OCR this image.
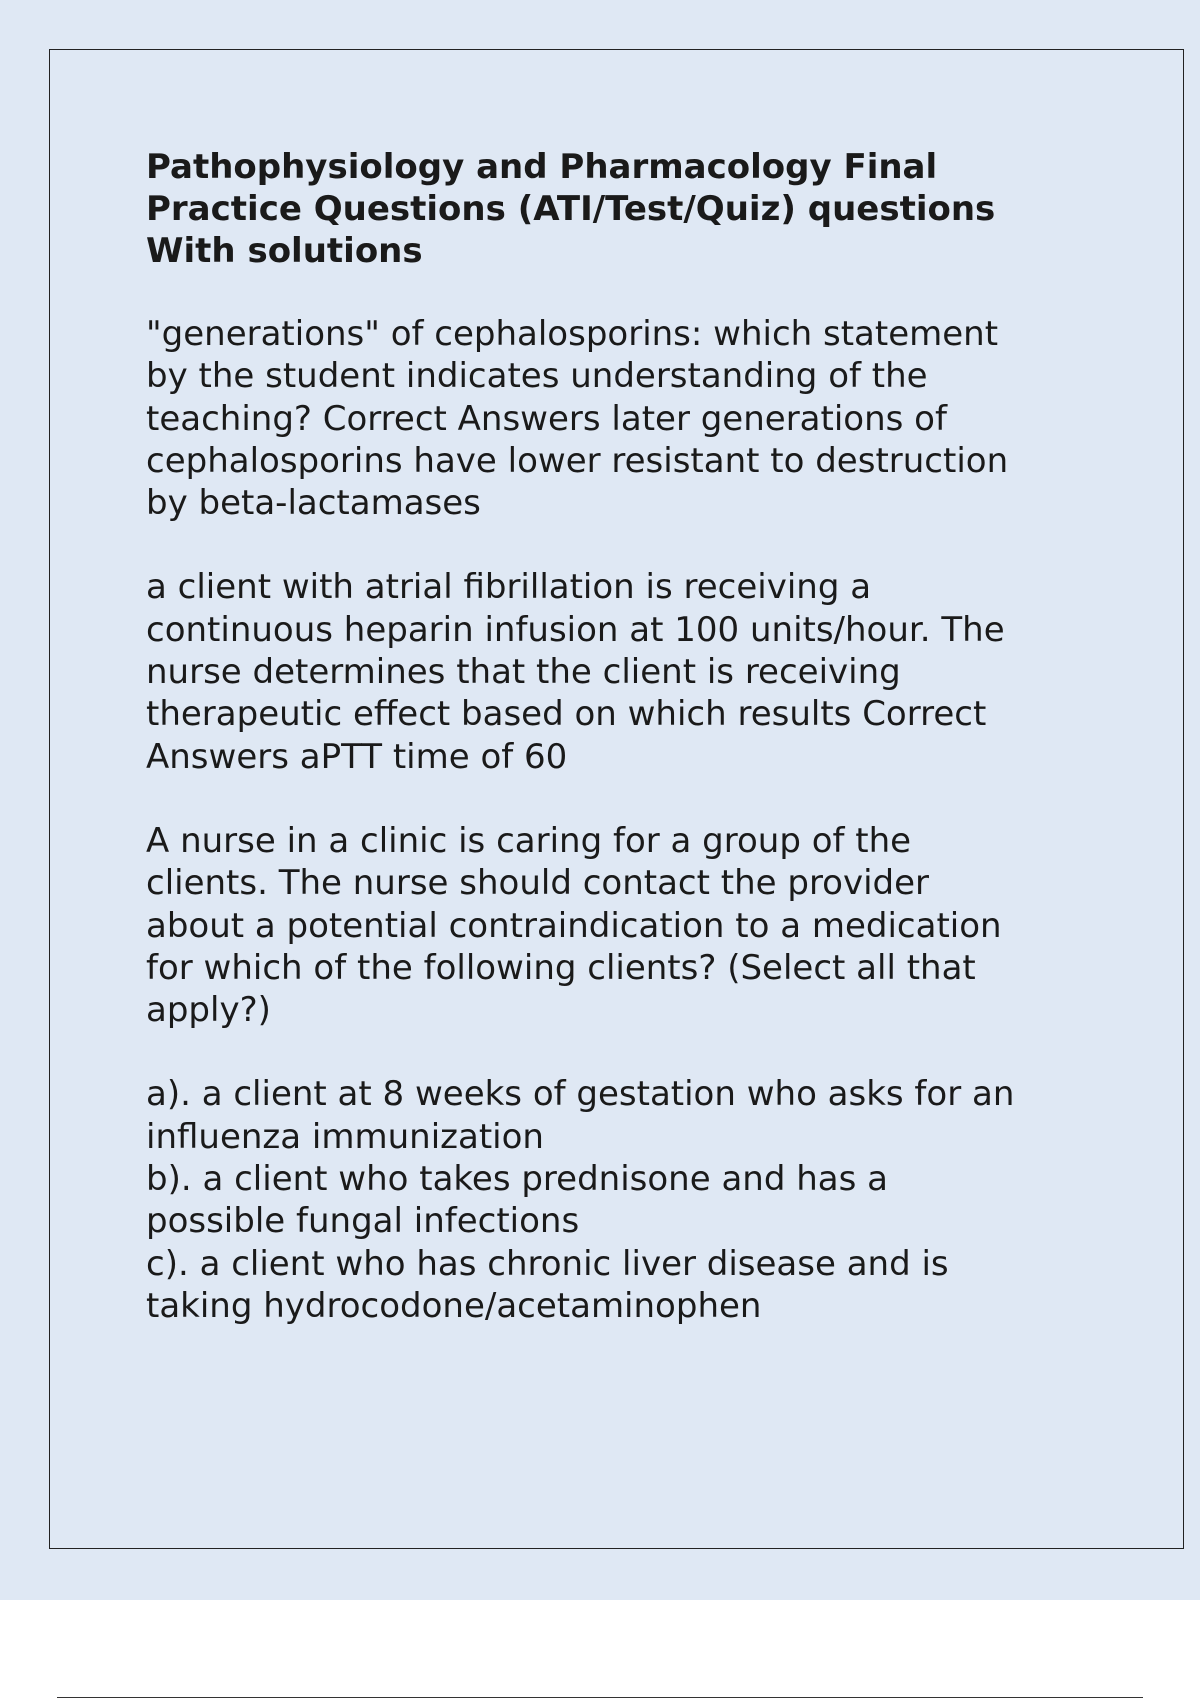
Pathophysiology and Pharmacology Final
Practice Questions (ATI/Test/Quiz) questions
With solutions

"generations" of cephalosporins: which statement
by the student indicates understanding of the
teaching? Correct Answers later generations of
cephalosporins have lower resistant to destruction
by beta-lactamases

a client with atrial fibrillation is receiving a
continuous heparin infusion at 100 units/hour. The
nurse determines that the client is receiving
therapeutic effect based on which results Correct
Answers aPTT time of 60

A nurse in a clinic is caring for a group of the
clients. The nurse should contact the provider
about a potential contraindication to a medication
for which of the following clients? (Select all that
apply?)

a). a client at 8 weeks of gestation who asks for an
influenza immunization
b). a client who takes prednisone and has a
possible fungal infections
c). a client who has chronic liver disease and is
taking hydrocodone/acetaminophen
